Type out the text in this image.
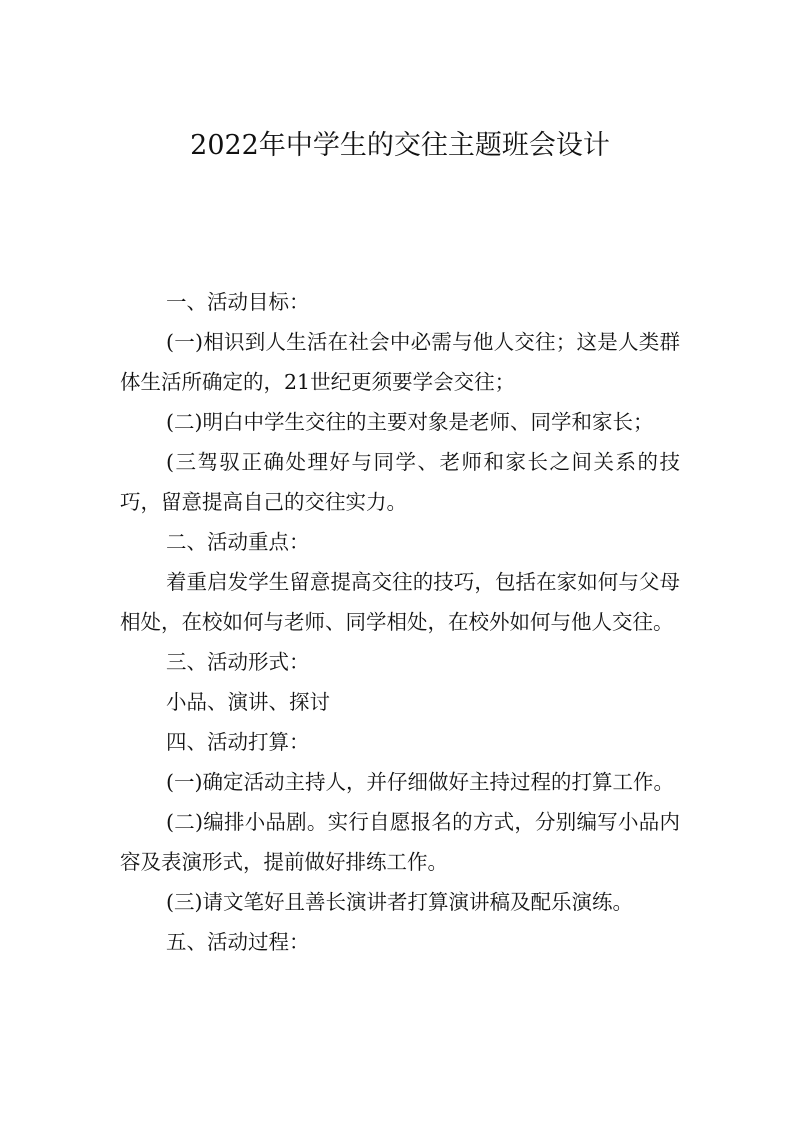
2022年中学生的交往主题班会设计

一、活动目标：

(一)相识到人生活在社会中必需与他人交往；这是人类群体生活所确定的，21世纪更须要学会交往；

(二)明白中学生交往的主要对象是老师、同学和家长；

(三驾驭正确处理好与同学、老师和家长之间关系的技巧，留意提高自己的交往实力。

二、活动重点：

着重启发学生留意提高交往的技巧，包括在家如何与父母相处，在校如何与老师、同学相处，在校外如何与他人交往。

三、活动形式：

小品、演讲、探讨

四、活动打算：

(一)确定活动主持人，并仔细做好主持过程的打算工作。

(二)编排小品剧。实行自愿报名的方式，分别编写小品内容及表演形式，提前做好排练工作。

(三)请文笔好且善长演讲者打算演讲稿及配乐演练。

五、活动过程：
